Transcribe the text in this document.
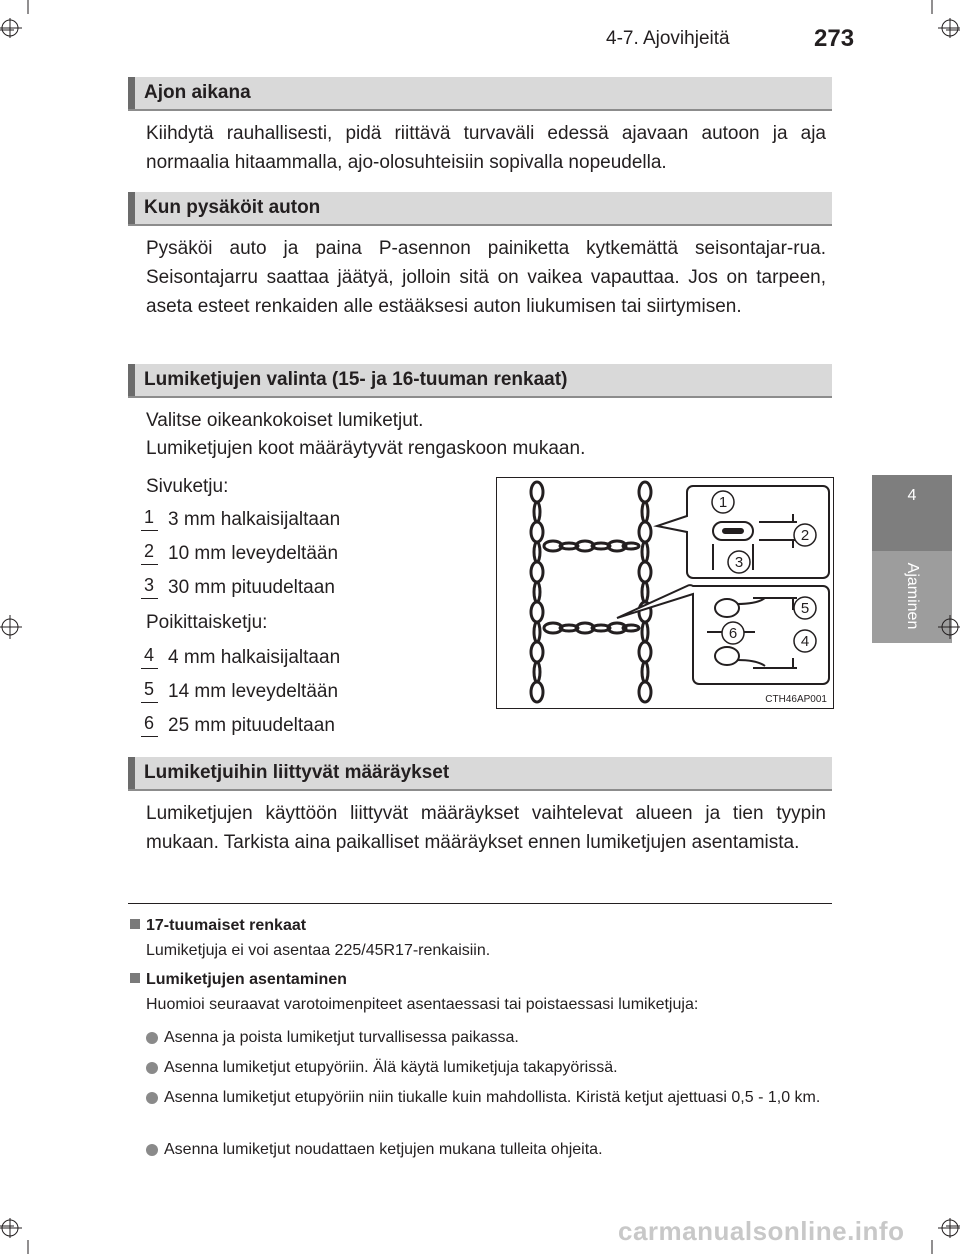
4-7. Ajovihjeitä	273
4
Ajaminen
Ajon aikana
Kiihdytä rauhallisesti, pidä riittävä turvaväli edessä ajavaan autoon ja aja normaalia hitaammalla, ajo-olosuhteisiin sopivalla nopeudella.
Kun pysäköit auton
Pysäköi auto ja paina P-asennon painiketta kytkemättä seisontajar-rua. Seisontajarru saattaa jäätyä, jolloin sitä on vaikea vapauttaa. Jos on tarpeen, aseta esteet renkaiden alle estääksesi auton liukumisen tai siirtymisen.
Lumiketjujen valinta (15- ja 16-tuuman renkaat)
Valitse oikeankokoiset lumiketjut.
Lumiketjujen koot määräytyvät rengaskoon mukaan.
Sivuketju:
1 3 mm halkaisijaltaan
2 10 mm leveydeltään
3 30 mm pituudeltaan
Poikittaisketju:
4 4 mm halkaisijaltaan
5 14 mm leveydeltään
6 25 mm pituudeltaan
1
2
3
4
5
6
CTH46AP001
Lumiketjuihin liittyvät määräykset
Lumiketjujen käyttöön liittyvät määräykset vaihtelevat alueen ja tien tyypin mukaan. Tarkista aina paikalliset määräykset ennen lumiketjujen asentamista.
17-tuumaiset renkaat
Lumiketjuja ei voi asentaa 225/45R17-renkaisiin.
Lumiketjujen asentaminen
Huomioi seuraavat varotoimenpiteet asentaessasi tai poistaessasi lumiketjuja:
Asenna ja poista lumiketjut turvallisessa paikassa.
Asenna lumiketjut etupyöriin. Älä käytä lumiketjuja takapyörissä.
Asenna lumiketjut etupyöriin niin tiukalle kuin mahdollista. Kiristä ketjut ajettuasi 0,5 - 1,0 km.
Asenna lumiketjut noudattaen ketjujen mukana tulleita ohjeita.
carmanualsonline.info
